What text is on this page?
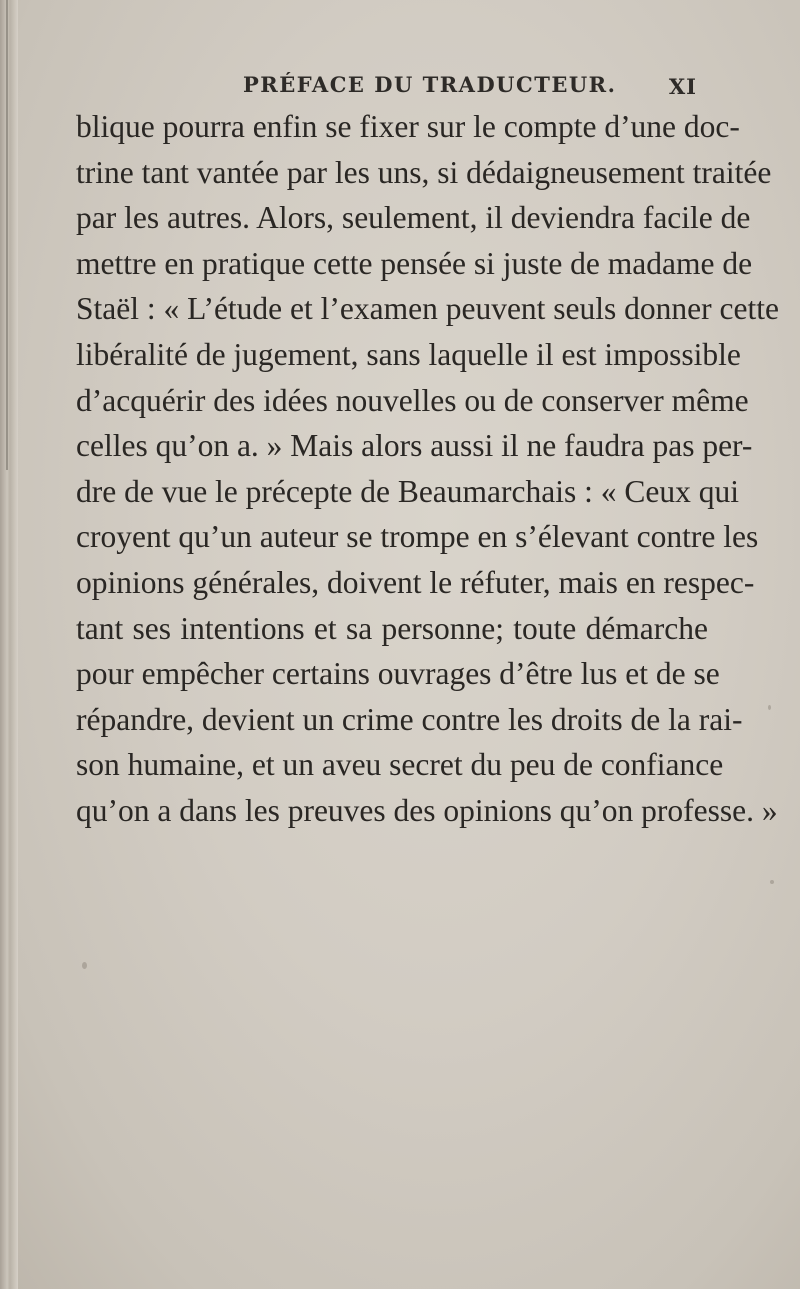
PRÉFACE DU TRADUCTEUR. XI
blique pourra enfin se fixer sur le compte d’une doc-
trine tant vantée par les uns, si dédaigneusement traitée
par les autres. Alors, seulement, il deviendra facile de
mettre en pratique cette pensée si juste de madame de
Staël : « L’étude et l’examen peuvent seuls donner cette
libéralité de jugement, sans laquelle il est impossible
d’acquérir des idées nouvelles ou de conserver même
celles qu’on a. » Mais alors aussi il ne faudra pas per-
dre de vue le précepte de Beaumarchais : « Ceux qui
croyent qu’un auteur se trompe en s’élevant contre les
opinions générales, doivent le réfuter, mais en respec-
tant ses intentions et sa personne; toute démarche
pour empêcher certains ouvrages d’être lus et de se
répandre, devient un crime contre les droits de la rai-
son humaine, et un aveu secret du peu de confiance
qu’on a dans les preuves des opinions qu’on professe. »
